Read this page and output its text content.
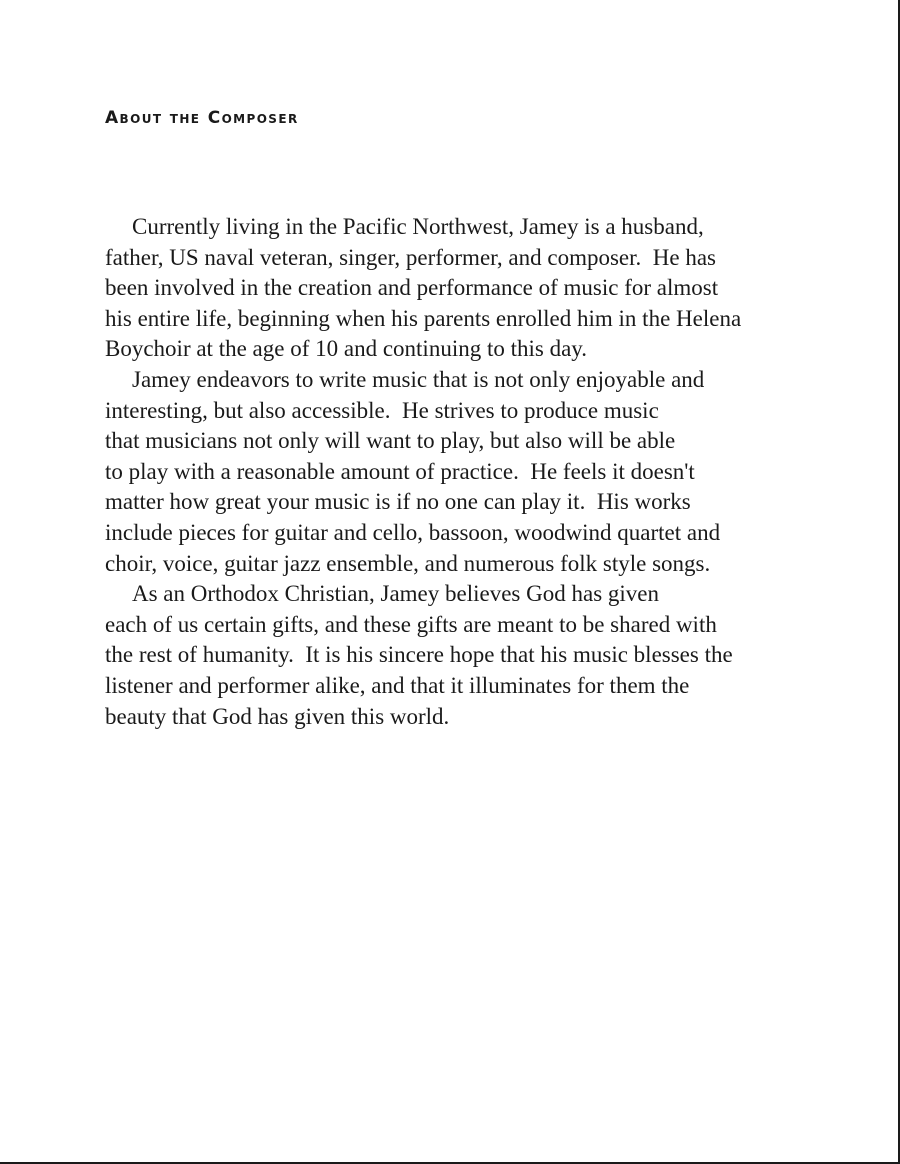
About the Composer
Currently living in the Pacific Northwest, Jamey is a husband,
father, US naval veteran, singer, performer, and composer.  He has
been involved in the creation and performance of music for almost
his entire life, beginning when his parents enrolled him in the Helena
Boychoir at the age of 10 and continuing to this day.
Jamey endeavors to write music that is not only enjoyable and
interesting, but also accessible.  He strives to produce music
that musicians not only will want to play, but also will be able
to play with a reasonable amount of practice.  He feels it doesn't
matter how great your music is if no one can play it.  His works
include pieces for guitar and cello, bassoon, woodwind quartet and
choir, voice, guitar jazz ensemble, and numerous folk style songs.
As an Orthodox Christian, Jamey believes God has given
each of us certain gifts, and these gifts are meant to be shared with
the rest of humanity.  It is his sincere hope that his music blesses the
listener and performer alike, and that it illuminates for them the
beauty that God has given this world.
